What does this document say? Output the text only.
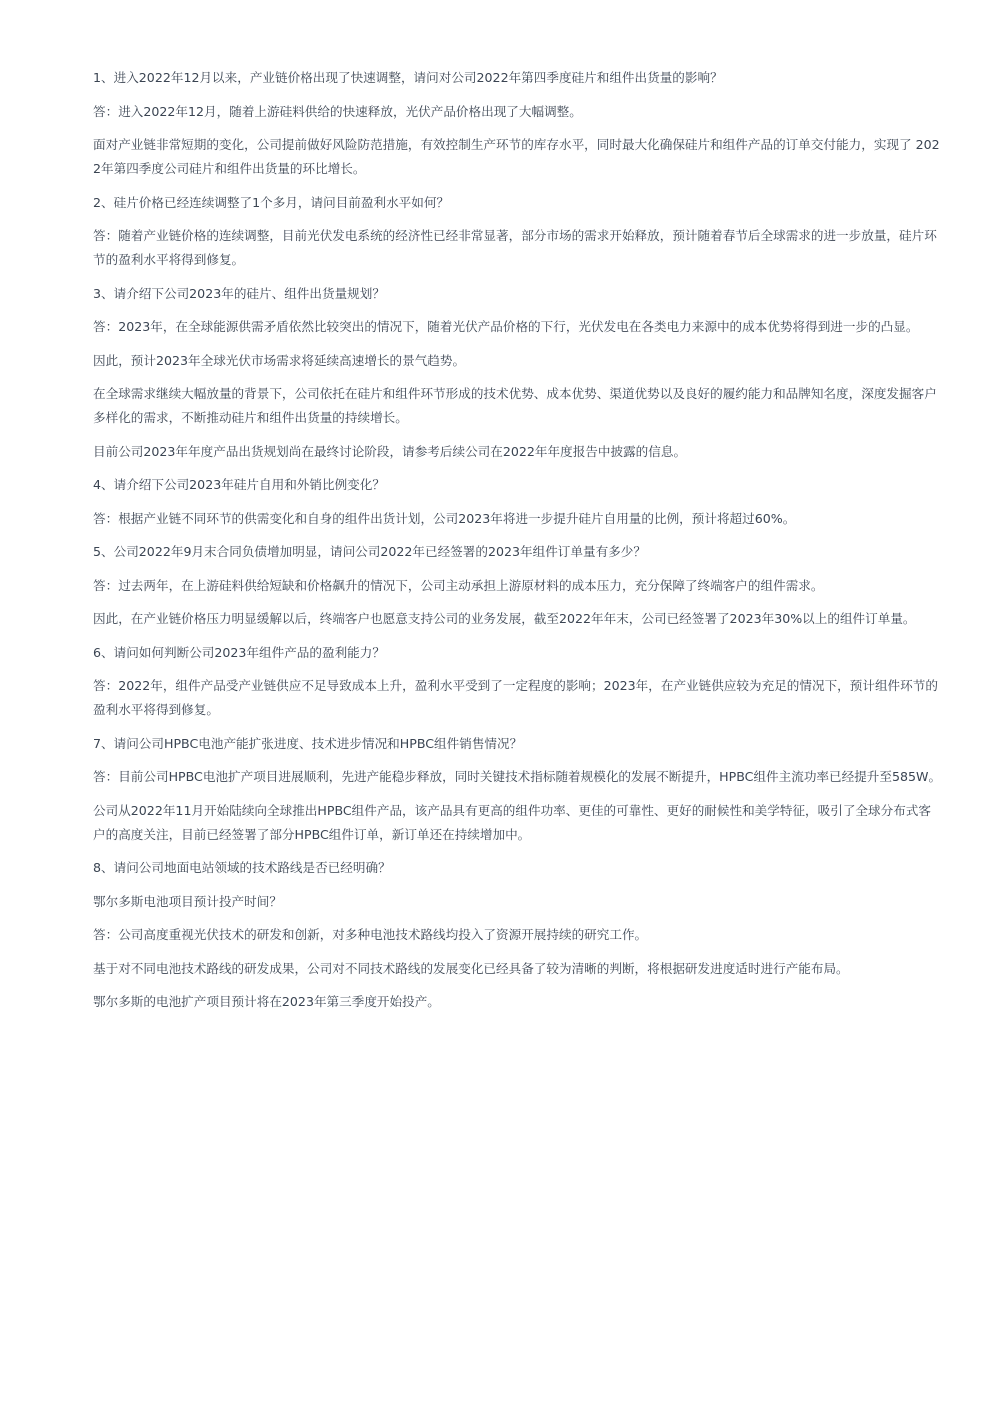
1、进入2022年12月以来，产业链价格出现了快速调整，请问对公司2022年第四季度硅片和组件出货量的影响？

答：进入2022年12月，随着上游硅料供给的快速释放，光伏产品价格出现了大幅调整。

面对产业链非常短期的变化，公司提前做好风险防范措施，有效控制生产环节的库存水平，同时最大化确保硅片和组件产品的订单交付能力，实现了 2022年第四季度公司硅片和组件出货量的环比增长。

2、硅片价格已经连续调整了1个多月，请问目前盈利水平如何？

答：随着产业链价格的连续调整，目前光伏发电系统的经济性已经非常显著，部分市场的需求开始释放，预计随着春节后全球需求的进一步放量，硅片环节的盈利水平将得到修复。

3、请介绍下公司2023年的硅片、组件出货量规划？

答：2023年，在全球能源供需矛盾依然比较突出的情况下，随着光伏产品价格的下行，光伏发电在各类电力来源中的成本优势将得到进一步的凸显。

因此，预计2023年全球光伏市场需求将延续高速增长的景气趋势。

在全球需求继续大幅放量的背景下，公司依托在硅片和组件环节形成的技术优势、成本优势、渠道优势以及良好的履约能力和品牌知名度，深度发掘客户多样化的需求，不断推动硅片和组件出货量的持续增长。

目前公司2023年年度产品出货规划尚在最终讨论阶段，请参考后续公司在2022年年度报告中披露的信息。

4、请介绍下公司2023年硅片自用和外销比例变化？

答：根据产业链不同环节的供需变化和自身的组件出货计划，公司2023年将进一步提升硅片自用量的比例，预计将超过60%。

5、公司2022年9月末合同负债增加明显，请问公司2022年已经签署的2023年组件订单量有多少？

答：过去两年，在上游硅料供给短缺和价格飙升的情况下，公司主动承担上游原材料的成本压力，充分保障了终端客户的组件需求。

因此，在产业链价格压力明显缓解以后，终端客户也愿意支持公司的业务发展，截至2022年年末，公司已经签署了2023年30%以上的组件订单量。

6、请问如何判断公司2023年组件产品的盈利能力？

答：2022年，组件产品受产业链供应不足导致成本上升，盈利水平受到了一定程度的影响；2023年，在产业链供应较为充足的情况下，预计组件环节的盈利水平将得到修复。

7、请问公司HPBC电池产能扩张进度、技术进步情况和HPBC组件销售情况？

答：目前公司HPBC电池扩产项目进展顺利，先进产能稳步释放，同时关键技术指标随着规模化的发展不断提升，HPBC组件主流功率已经提升至585W。

公司从2022年11月开始陆续向全球推出HPBC组件产品，该产品具有更高的组件功率、更佳的可靠性、更好的耐候性和美学特征，吸引了全球分布式客户的高度关注，目前已经签署了部分HPBC组件订单，新订单还在持续增加中。

8、请问公司地面电站领域的技术路线是否已经明确？

鄂尔多斯电池项目预计投产时间？

答：公司高度重视光伏技术的研发和创新，对多种电池技术路线均投入了资源开展持续的研究工作。

基于对不同电池技术路线的研发成果，公司对不同技术路线的发展变化已经具备了较为清晰的判断，将根据研发进度适时进行产能布局。

鄂尔多斯的电池扩产项目预计将在2023年第三季度开始投产。
